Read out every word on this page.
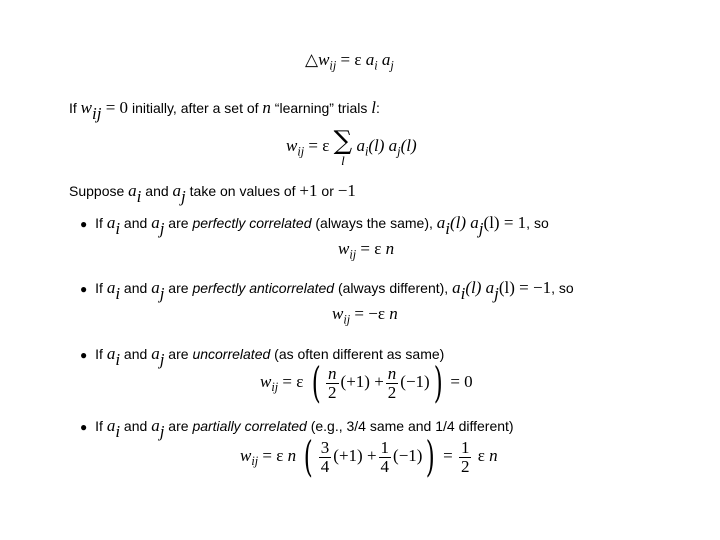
$\triangle w_{ij} = \varepsilon$ $a_i$ $a_j$
If $w_{ij} = 0$ initially, after a set of n “learning” trials l:
$w_{ij} = \varepsilon$ ∑
l
$a_i(l)$ $a_j(l)$
Suppose $a_i$ and $a_j$ take on values of +1 or −1
● If $a_i$ and $a_j$ are perfectly correlated (always the same), $a_i(l) a_j(l) = 1$, so
$w_{ij} = \varepsilon$ n
● If $a_i$ and $a_j$ are perfectly anticorrelated (always different), $a_i(l) a_j(l) = -1$, so
$w_{ij} = -\varepsilon$ n
● If $a_i$ and $a_j$ are uncorrelated (as often different as same)
$w_{ij} = \varepsilon$ ( $\frac{n}{2} (+1) + \frac{n}{2} (-1)) = 0$
● If $a_i$ and $a_j$ are partially correlated (e.g., 3/4 same and 1/4 different)
$w_{ij} = \varepsilon$ n ( $\frac{3}{4} (+1) + \frac{1}{4} (-1)) = \frac{1}{2}$ ε n
